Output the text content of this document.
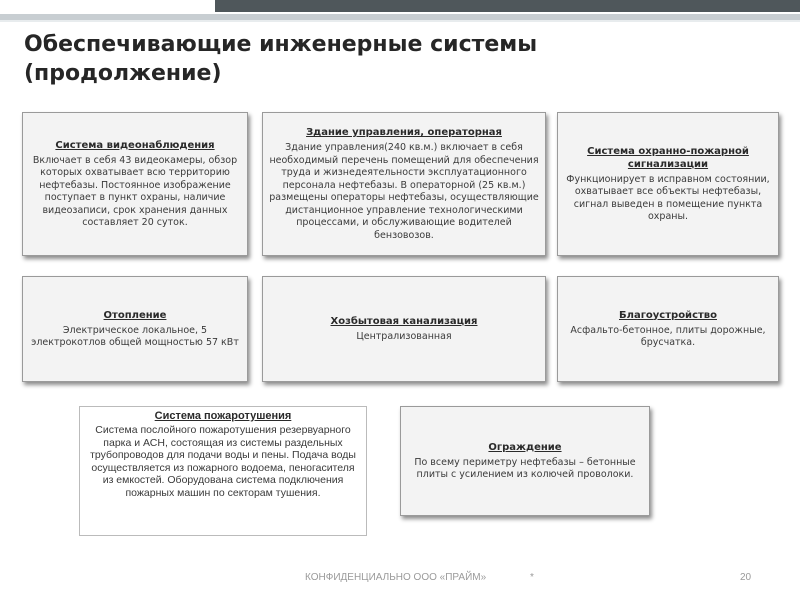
Обеспечивающие инженерные системы
(продолжение)
Система видеонаблюдения
Включает в себя 43 видеокамеры, обзор которых охватывает всю территорию нефтебазы. Постоянное изображение поступает в пункт охраны, наличие видеозаписи, срок хранения данных составляет 20 суток.
Здание управления, операторная
Здание управления(240 кв.м.) включает в себя необходимый перечень помещений для обеспечения труда и жизнедеятельности эксплуатационного персонала нефтебазы. В операторной (25 кв.м.) размещены операторы нефтебазы, осуществляющие дистанционное управление технологическими процессами, и обслуживающие водителей бензовозов.
Система охранно-пожарной сигнализации
Функционирует в исправном состоянии, охватывает все объекты нефтебазы, сигнал выведен в помещение пункта охраны.
Отопление
Электрическое локальное, 5 электрокотлов общей мощностью 57 кВт
Хозбытовая канализация
Централизованная
Благоустройство
Асфальто-бетонное, плиты дорожные, брусчатка.
Система пожаротушения
Система послойного пожаротушения резервуарного парка и АСН, состоящая из системы раздельных трубопроводов для подачи воды и пены. Подача воды осуществляется из пожарного водоема, пеногасителя из емкостей. Оборудована система подключения пожарных машин по секторам тушения.
Ограждение
По всему периметру нефтебазы – бетонные плиты с усилением из колючей проволоки.
КОНФИДЕНЦИАЛЬНО ООО «ПРАЙМ»	*	20
